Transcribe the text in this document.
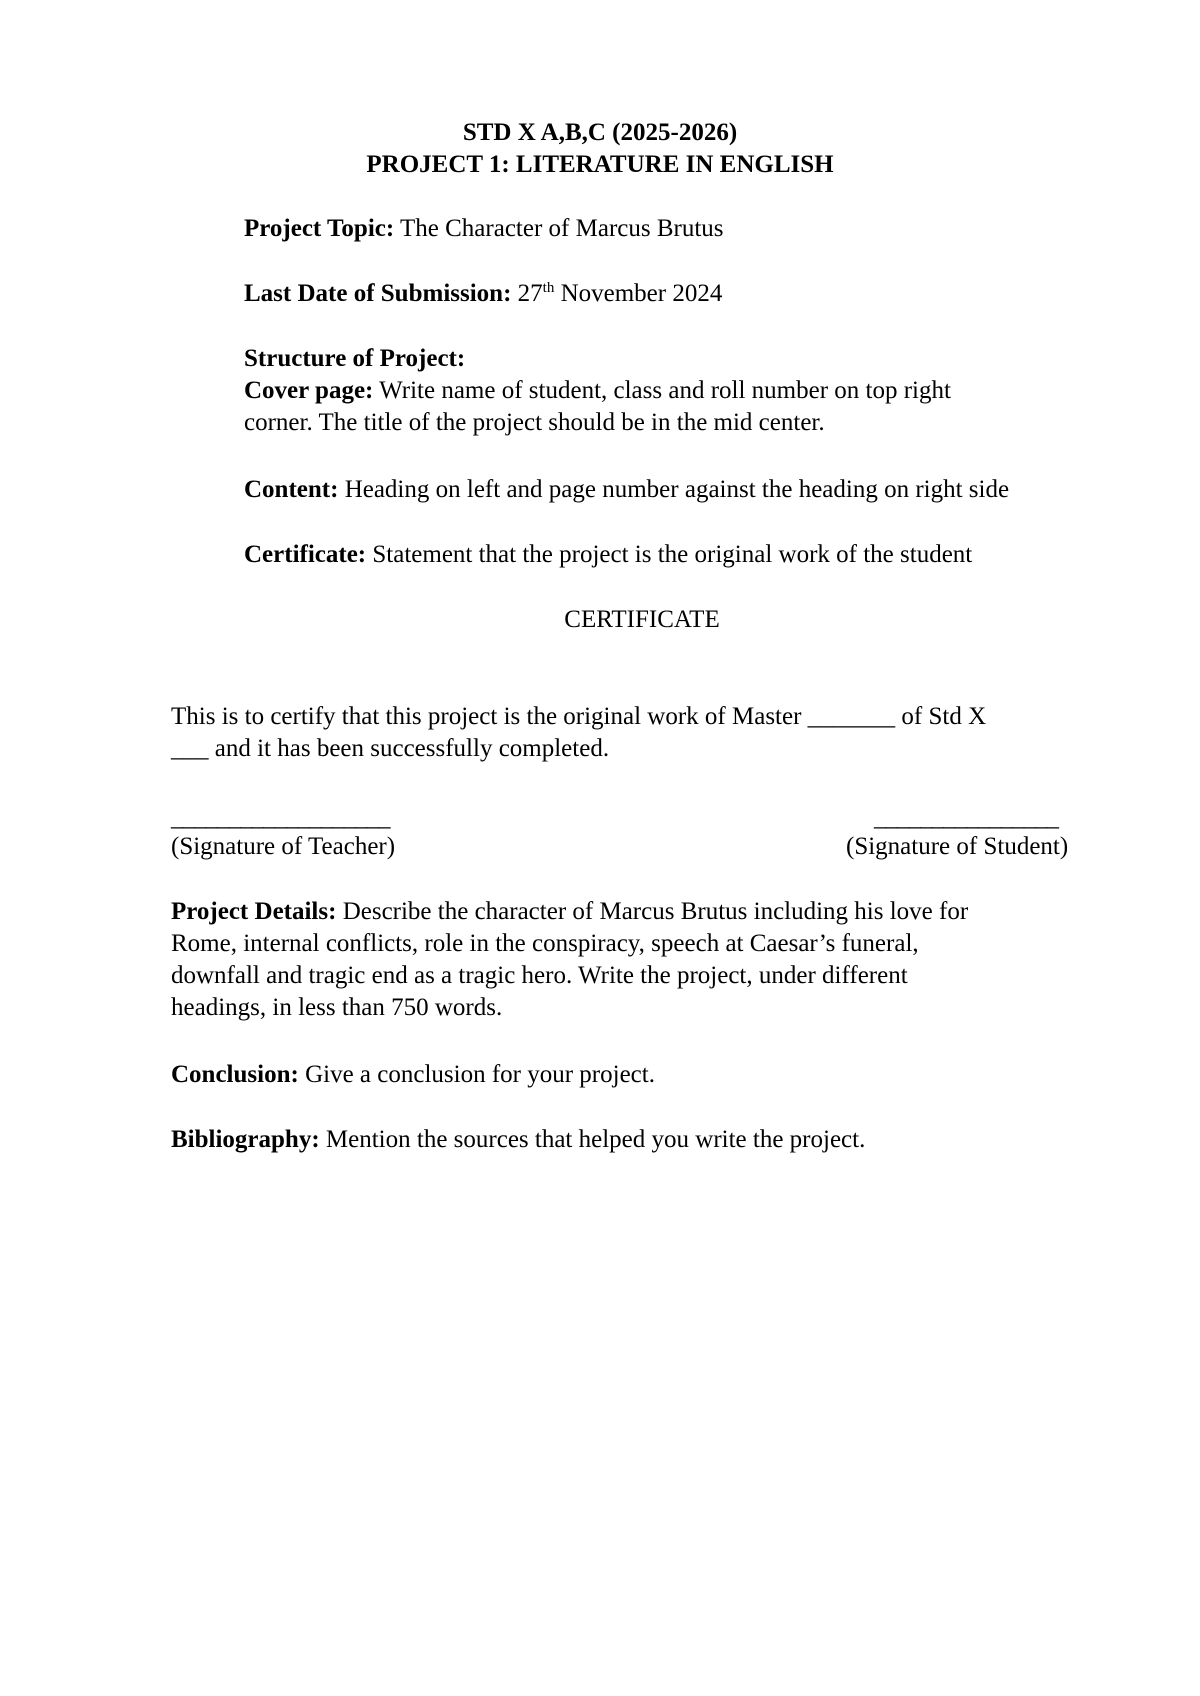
STD X A,B,C (2025-2026)
PROJECT 1: LITERATURE IN ENGLISH
Project Topic: The Character of Marcus Brutus
Last Date of Submission: 27th November 2024

Structure of Project:

Cover page: Write name of student, class and roll number on top right

corner. The title of the project should be in the mid center.

Content: Heading on left and page number against the heading on right side
Certificate: Statement that the project is the original work of the student
CERTIFICATE

This is to certify that this project is the original work of Master _______ of Std X

___ and it has been successfully completed.

___________________	________________
(Signature of Teacher)	(Signature of Student)

Project Details: Describe the character of Marcus Brutus including his love for

Rome, internal conflicts, role in the conspiracy, speech at Caesar’s funeral,

downfall and tragic end as a tragic hero. Write the project, under different

headings, in less than 750 words.

Conclusion: Give a conclusion for your project.
Bibliography: Mention the sources that helped you write the project.
